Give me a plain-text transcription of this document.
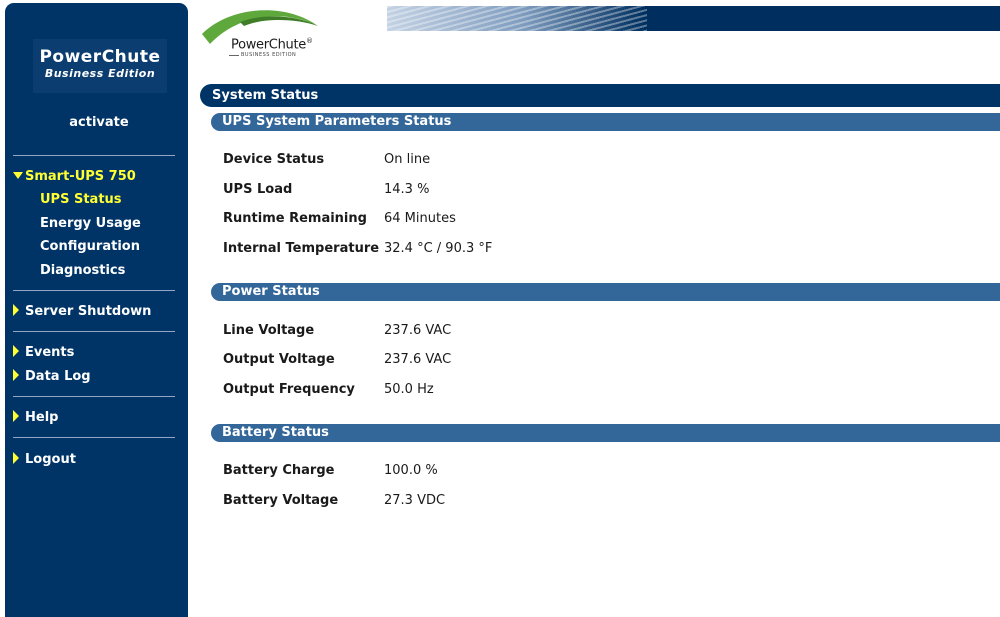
PowerChute
Business Edition
activate
Smart-UPS 750
UPS Status
Energy Usage
Configuration
Diagnostics
Server Shutdown
Events
Data Log
Help
Logout
PowerChute®
BUSINESS EDITION
System Status
UPS System Parameters Status
Device Status	On line
UPS Load	14.3 %
Runtime Remaining 64 Minutes
Internal Temperature 32.4 °C / 90.3 °F
Power Status
Line Voltage	237.6 VAC
Output Voltage	237.6 VAC
Output Frequency 50.0 Hz
Battery Status
Battery Charge	100.0 %
Battery Voltage	27.3 VDC
